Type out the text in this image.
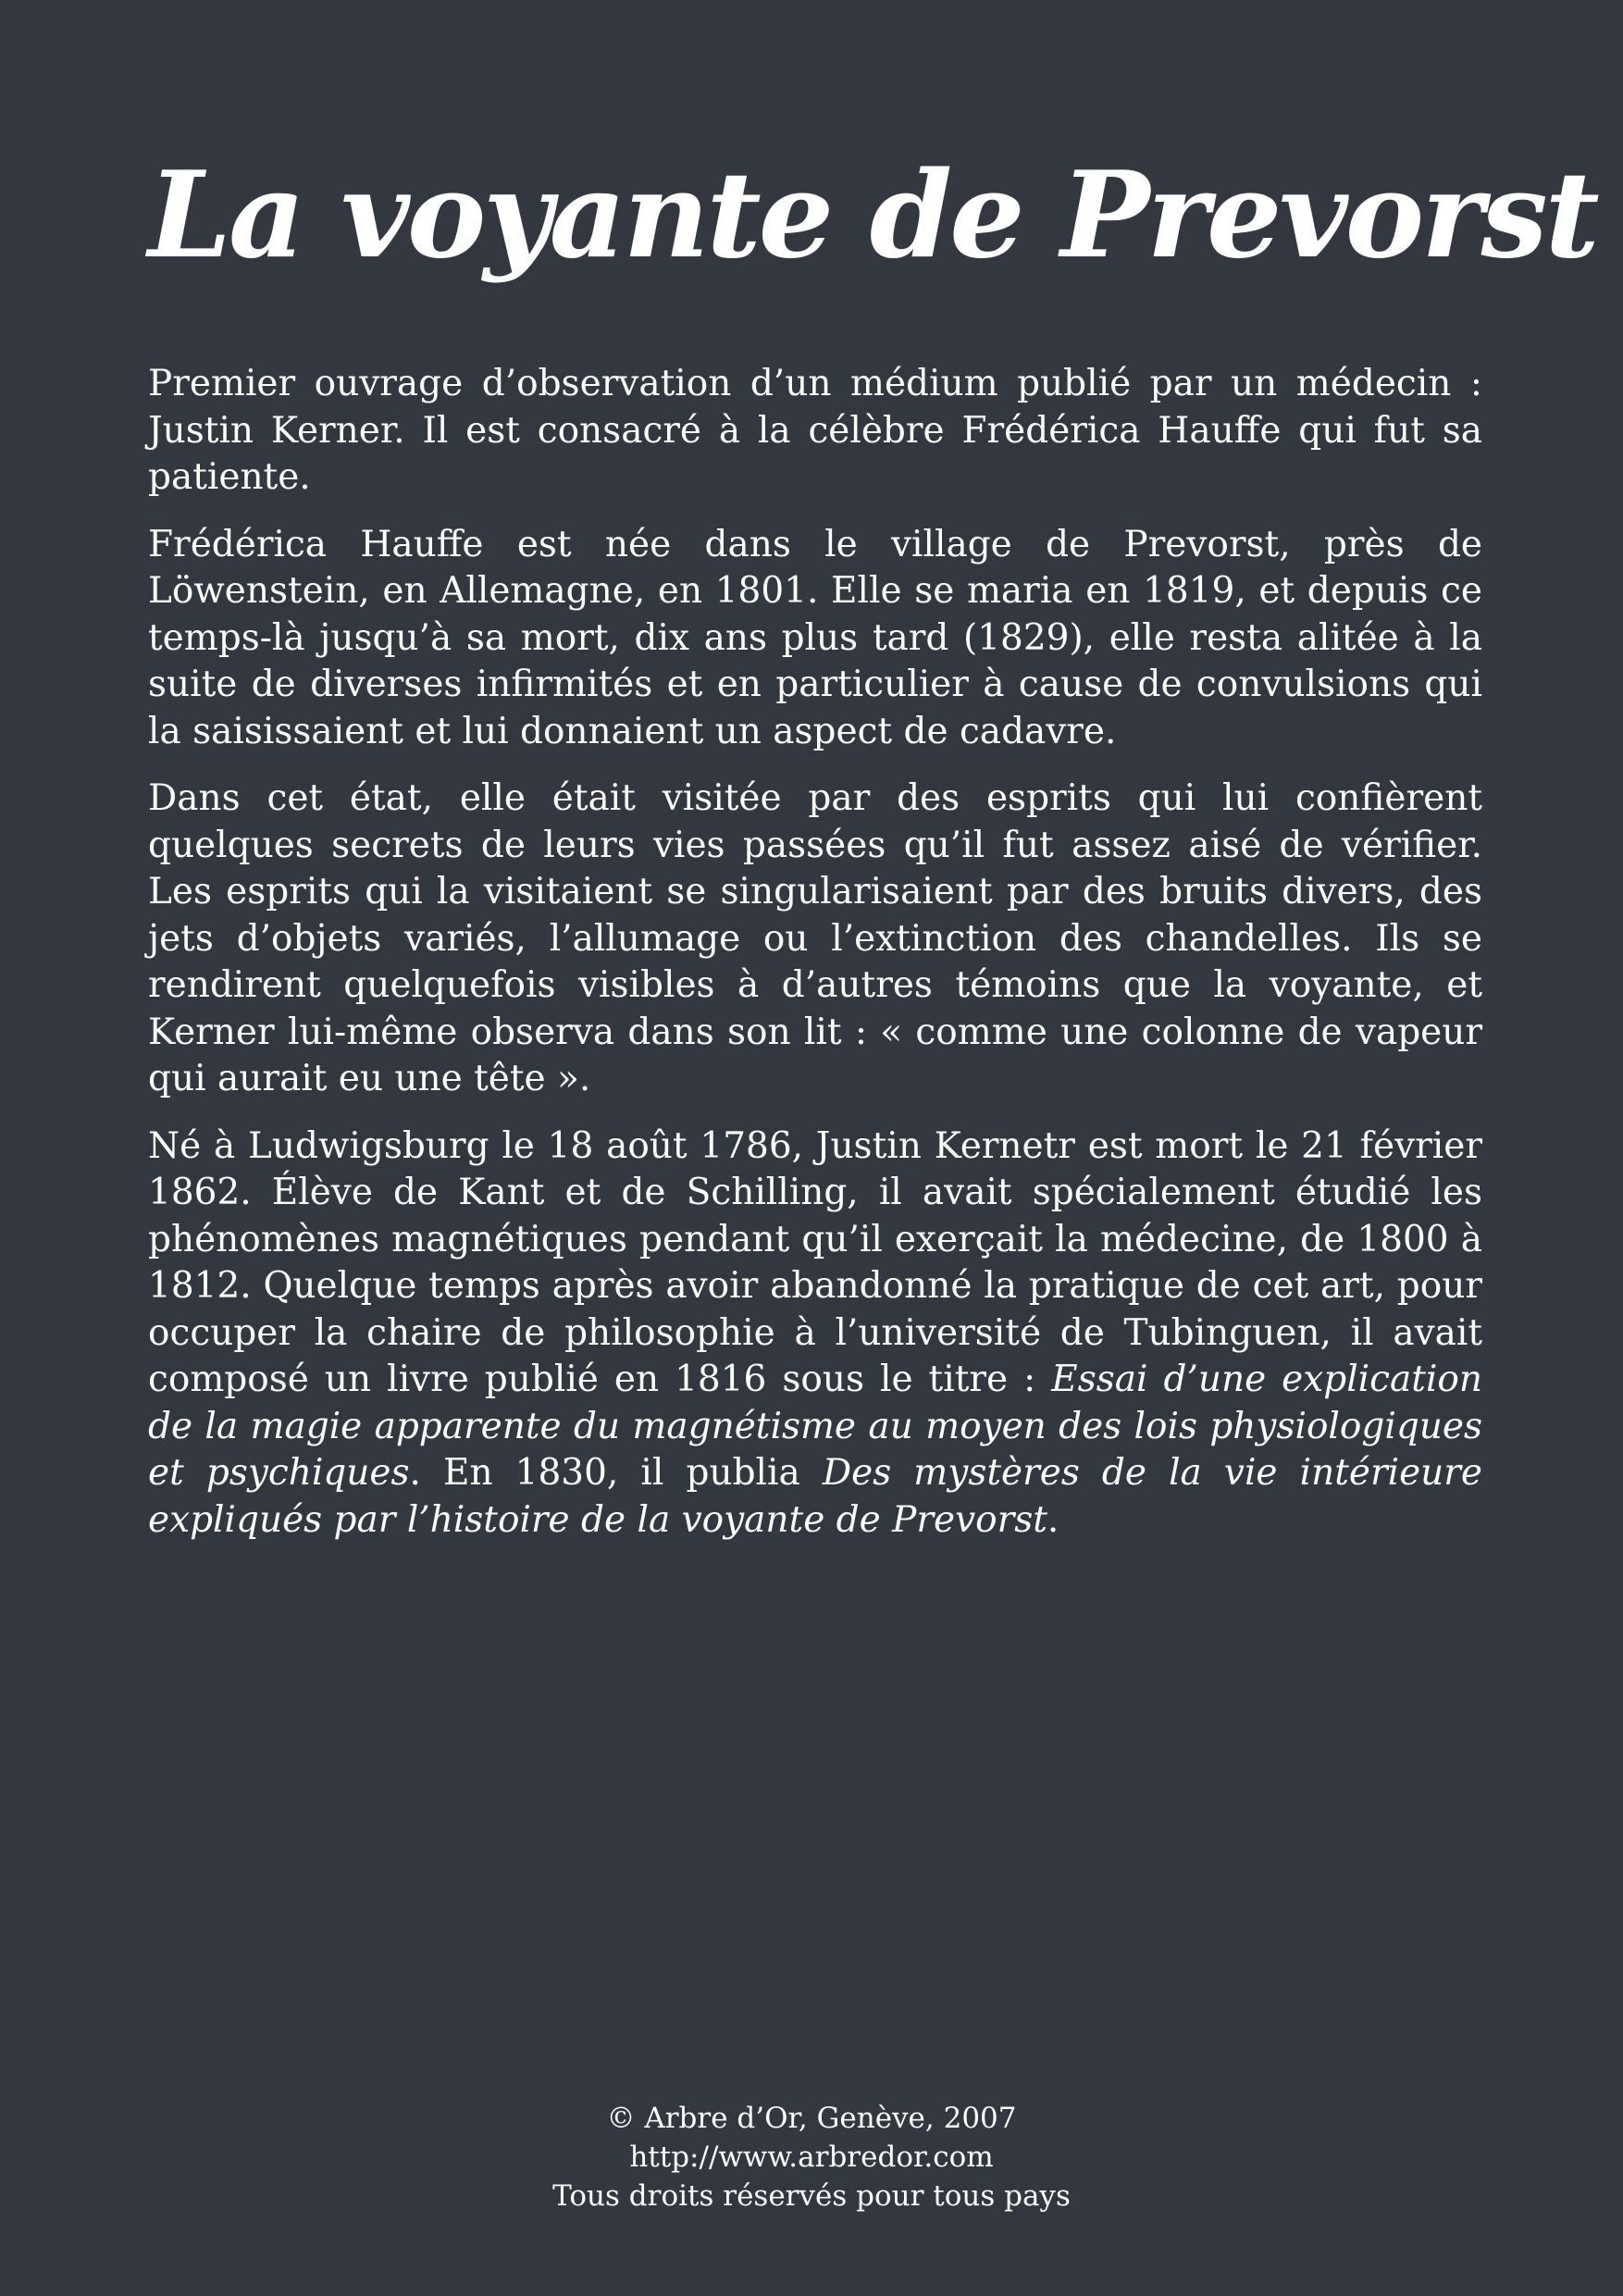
La voyante de Prevorst

Premier ouvrage d’observation d’un médium publié par un médecin : Justin Kerner. Il est consacré à la célèbre Frédérica Hauffe qui fut sa patiente.

Frédérica Hauffe est née dans le village de Prevorst, près de Löwenstein, en Allemagne, en 1801. Elle se maria en 1819, et depuis ce temps-là jusqu’à sa mort, dix ans plus tard (1829), elle resta alitée à la suite de diverses infirmités et en particulier à cause de convulsions qui la saisissaient et lui donnaient un aspect de cadavre.

Dans cet état, elle était visitée par des esprits qui lui confièrent quelques secrets de leurs vies passées qu’il fut assez aisé de vérifier. Les esprits qui la visitaient se singularisaient par des bruits divers, des jets d’objets variés, l’allumage ou l’extinction des chandelles. Ils se rendirent quelquefois visibles à d’autres témoins que la voyante, et Kerner lui-même observa dans son lit : « comme une colonne de vapeur qui aurait eu une tête ».

Né à Ludwigsburg le 18 août 1786, Justin Kernetr est mort le 21 février 1862. Élève de Kant et de Schilling, il avait spécialement étudié les phénomènes magnétiques pendant qu’il exerçait la médecine, de 1800 à 1812. Quelque temps après avoir abandonné la pratique de cet art, pour occuper la chaire de philosophie à l’université de Tubinguen, il avait composé un livre publié en 1816 sous le titre : Essai d’une explication de la magie apparente du magnétisme au moyen des lois physiologiques et psychiques. En 1830, il publia Des mystères de la vie intérieure expliqués par l’histoire de la voyante de Prevorst.

© Arbre d’Or, Genève, 2007
http://www.arbredor.com
Tous droits réservés pour tous pays
